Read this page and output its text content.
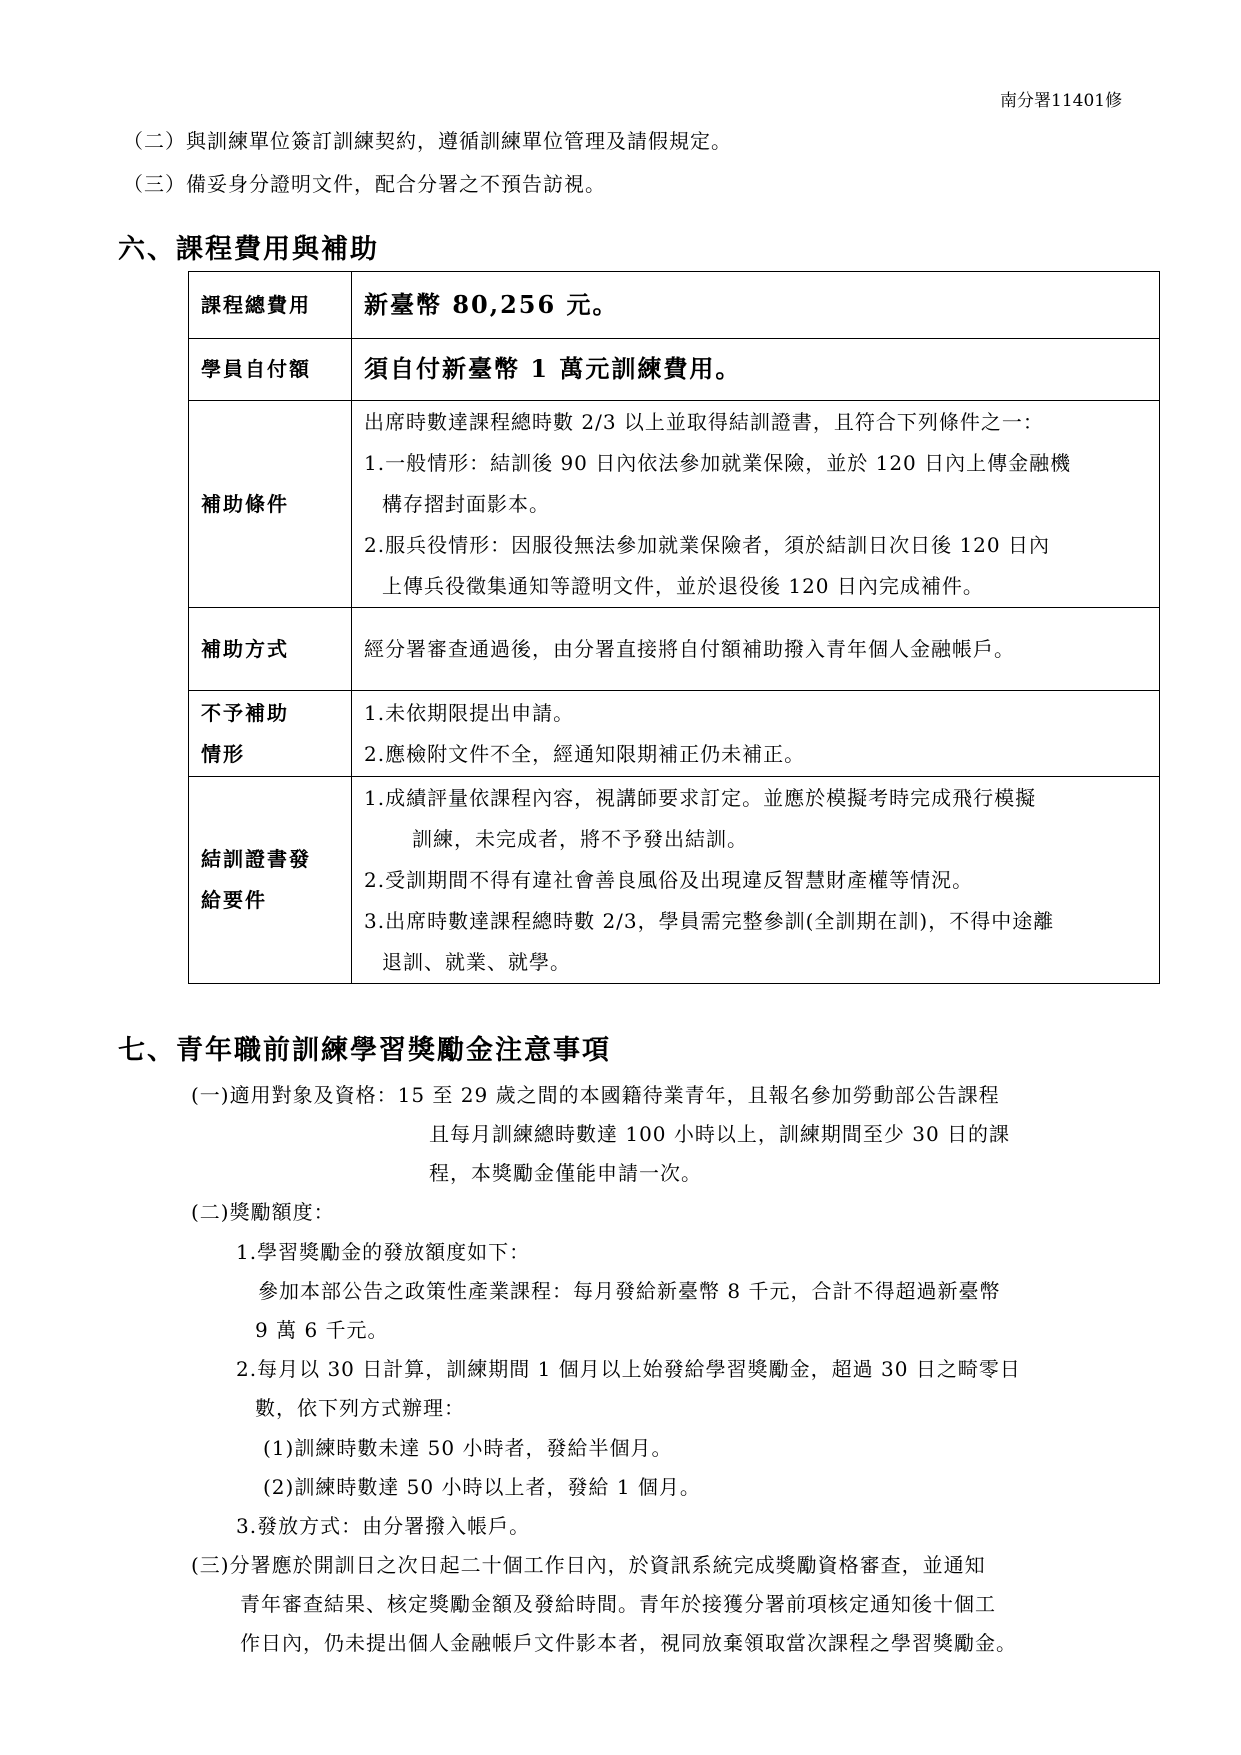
南分署11401修
（二）與訓練單位簽訂訓練契約，遵循訓練單位管理及請假規定。
（三）備妥身分證明文件，配合分署之不預告訪視。
六、課程費用與補助
課程總費用	新臺幣 80,256 元。
學員自付額	須自付新臺幣 1 萬元訓練費用。
補助條件	出席時數達課程總時數 2/3 以上並取得結訓證書，且符合下列條件之一：
1.一般情形：結訓後 90 日內依法參加就業保險，並於 120 日內上傳金融機
構存摺封面影本。
2.服兵役情形：因服役無法參加就業保險者，須於結訓日次日後 120 日內
上傳兵役徵集通知等證明文件，並於退役後 120 日內完成補件。

補助方式	經分署審查通過後，由分署直接將自付額補助撥入青年個人金融帳戶。

不予補助
情形	1.未依期限提出申請。
2.應檢附文件不全，經通知限期補正仍未補正。

結訓證書發
給要件	1.成績評量依課程內容，視講師要求訂定。並應於模擬考時完成飛行模擬
訓練，未完成者，將不予發出結訓。
2.受訓期間不得有違社會善良風俗及出現違反智慧財產權等情況。
3.出席時數達課程總時數 2/3，學員需完整參訓(全訓期在訓)，不得中途離
退訓、就業、就學。
七、青年職前訓練學習獎勵金注意事項
(一)適用對象及資格：15 至 29 歲之間的本國籍待業青年，且報名參加勞動部公告課程
且每月訓練總時數達 100 小時以上，訓練期間至少 30 日的課
程，本獎勵金僅能申請一次。
(二)獎勵額度：
1.學習獎勵金的發放額度如下：
參加本部公告之政策性產業課程：每月發給新臺幣 8 千元，合計不得超過新臺幣
9 萬 6 千元。
2.每月以 30 日計算，訓練期間 1 個月以上始發給學習獎勵金，超過 30 日之畸零日
數，依下列方式辦理：
(1)訓練時數未達 50 小時者，發給半個月。
(2)訓練時數達 50 小時以上者，發給 1 個月。
3.發放方式：由分署撥入帳戶。
(三)分署應於開訓日之次日起二十個工作日內，於資訊系統完成獎勵資格審查，並通知
青年審查結果、核定獎勵金額及發給時間。青年於接獲分署前項核定通知後十個工
作日內，仍未提出個人金融帳戶文件影本者，視同放棄領取當次課程之學習獎勵金。
